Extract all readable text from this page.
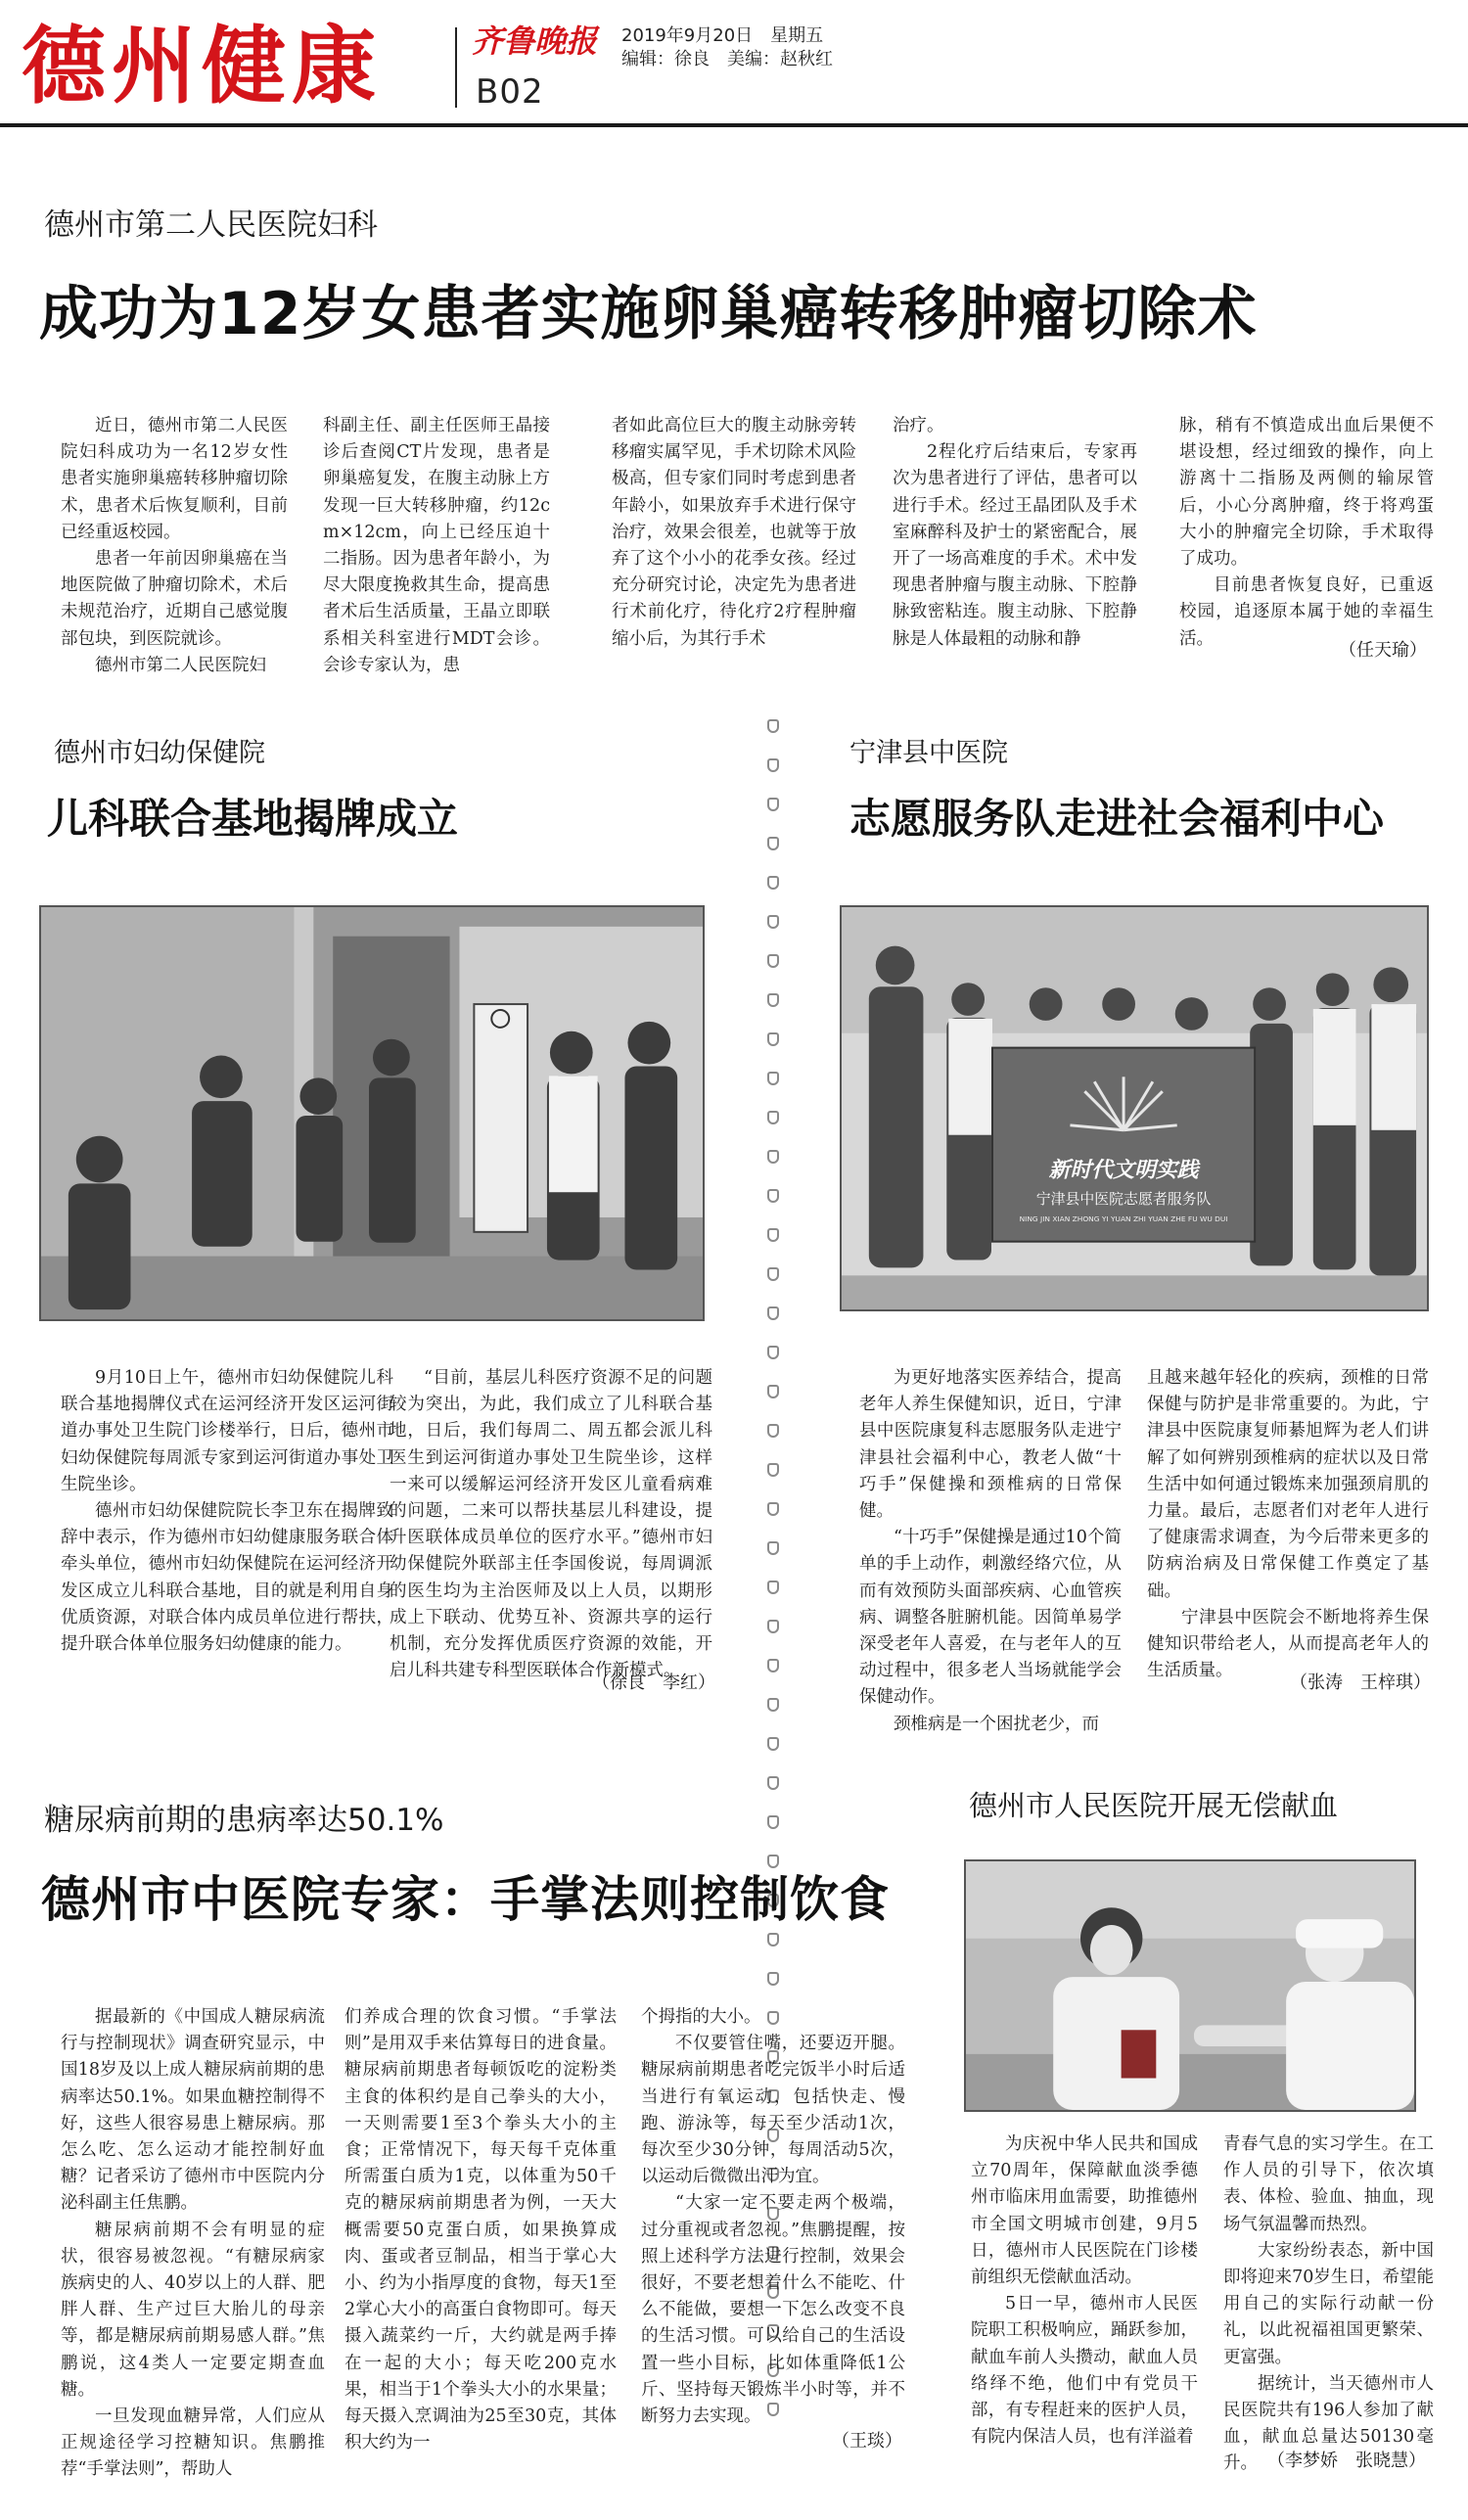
德州健康	齐鲁晚报
B02
2019年9月20日　星期五
编辑：徐良　美编：赵秋红
德州市第二人民医院妇科
成功为12岁女患者实施卵巢癌转移肿瘤切除术

近日，德州市第二人民医院妇科成功为一名12岁女性患者实施卵巢癌转移肿瘤切除术，患者术后恢复顺利，目前已经重返校园。

患者一年前因卵巢癌在当地医院做了肿瘤切除术，术后未规范治疗，近期自己感觉腹部包块，到医院就诊。

德州市第二人民医院妇

科副主任、副主任医师王晶接诊后查阅CT片发现，患者是卵巢癌复发，在腹主动脉上方发现一巨大转移肿瘤，约12cm×12cm，向上已经压迫十二指肠。因为患者年龄小，为尽大限度挽救其生命，提高患者术后生活质量，王晶立即联系相关科室进行MDT会诊。会诊专家认为，患

者如此高位巨大的腹主动脉旁转移瘤实属罕见，手术切除术风险极高，但专家们同时考虑到患者年龄小，如果放弃手术进行保守治疗，效果会很差，也就等于放弃了这个小小的花季女孩。经过充分研究讨论，决定先为患者进行术前化疗，待化疗2疗程肿瘤缩小后，为其行手术

治疗。

2程化疗后结束后，专家再次为患者进行了评估，患者可以进行手术。经过王晶团队及手术室麻醉科及护士的紧密配合，展开了一场高难度的手术。术中发现患者肿瘤与腹主动脉、下腔静脉致密粘连。腹主动脉、下腔静脉是人体最粗的动脉和静

脉，稍有不慎造成出血后果便不堪设想，经过细致的操作，向上游离十二指肠及两侧的输尿管后，小心分离肿瘤，终于将鸡蛋大小的肿瘤完全切除，手术取得了成功。

目前患者恢复良好，已重返校园，追逐原本属于她的幸福生活。

（任天瑜）
德州市妇幼保健院
儿科联合基地揭牌成立

9月10日上午，德州市妇幼保健院儿科联合基地揭牌仪式在运河经济开发区运河街道办事处卫生院门诊楼举行，日后，德州市妇幼保健院每周派专家到运河街道办事处卫生院坐诊。

德州市妇幼保健院院长李卫东在揭牌致辞中表示，作为德州市妇幼健康服务联合体牵头单位，德州市妇幼保健院在运河经济开发区成立儿科联合基地，目的就是利用自身优质资源，对联合体内成员单位进行帮扶，提升联合体单位服务妇幼健康的能力。

“目前，基层儿科医疗资源不足的问题较为突出，为此，我们成立了儿科联合基地，日后，我们每周二、周五都会派儿科医生到运河街道办事处卫生院坐诊，这样一来可以缓解运河经济开发区儿童看病难的问题，二来可以帮扶基层儿科建设，提升医联体成员单位的医疗水平。”德州市妇幼保健院外联部主任李国俊说，每周调派的医生均为主治医师及以上人员，以期形成上下联动、优势互补、资源共享的运行机制，充分发挥优质医疗资源的效能，开启儿科共建专科型医联体合作新模式。

（徐良　李红）
宁津县中医院
志愿服务队走进社会福利中心
新时代文明实践
宁津县中医院志愿者服务队
NING JIN XIAN ZHONG YI YUAN ZHI YUAN ZHE FU WU DUI

为更好地落实医养结合，提高老年人养生保健知识，近日，宁津县中医院康复科志愿服务队走进宁津县社会福利中心，教老人做“十巧手”保健操和颈椎病的日常保健。

“十巧手”保健操是通过10个简单的手上动作，刺激经络穴位，从而有效预防头面部疾病、心血管疾病、调整各脏腑机能。因简单易学深受老年人喜爱，在与老年人的互动过程中，很多老人当场就能学会保健动作。

颈椎病是一个困扰老少，而

且越来越年轻化的疾病，颈椎的日常保健与防护是非常重要的。为此，宁津县中医院康复师綦旭辉为老人们讲解了如何辨别颈椎病的症状以及日常生活中如何通过锻炼来加强颈肩肌的力量。最后，志愿者们对老年人进行了健康需求调查，为今后带来更多的防病治病及日常保健工作奠定了基础。

宁津县中医院会不断地将养生保健知识带给老人，从而提高老年人的生活质量。

（张涛　王梓琪）
糖尿病前期的患病率达50.1%
德州市中医院专家：手掌法则控制饮食

据最新的《中国成人糖尿病流行与控制现状》调查研究显示，中国18岁及以上成人糖尿病前期的患病率达50.1%。如果血糖控制得不好，这些人很容易患上糖尿病。那怎么吃、怎么运动才能控制好血糖？记者采访了德州市中医院内分泌科副主任焦鹏。

糖尿病前期不会有明显的症状，很容易被忽视。“有糖尿病家族病史的人、40岁以上的人群、肥胖人群、生产过巨大胎儿的母亲等，都是糖尿病前期易感人群。”焦鹏说，这4类人一定要定期查血糖。

一旦发现血糖异常，人们应从正规途径学习控糖知识。焦鹏推荐“手掌法则”，帮助人

们养成合理的饮食习惯。“手掌法则”是用双手来估算每日的进食量。糖尿病前期患者每顿饭吃的淀粉类主食的体积约是自己拳头的大小，一天则需要1至3个拳头大小的主食；正常情况下，每天每千克体重所需蛋白质为1克，以体重为50千克的糖尿病前期患者为例，一天大概需要50克蛋白质，如果换算成肉、蛋或者豆制品，相当于掌心大小、约为小指厚度的食物，每天1至2掌心大小的高蛋白食物即可。每天摄入蔬菜约一斤，大约就是两手捧在一起的大小；每天吃200克水果，相当于1个拳头大小的水果量；每天摄入烹调油为25至30克，其体积大约为一

个拇指的大小。

不仅要管住嘴，还要迈开腿。糖尿病前期患者吃完饭半小时后适当进行有氧运动，包括快走、慢跑、游泳等，每天至少活动1次，每次至少30分钟，每周活动5次，以运动后微微出汗为宜。

“大家一定不要走两个极端，过分重视或者忽视。”焦鹏提醒，按照上述科学方法进行控制，效果会很好，不要老想着什么不能吃、什么不能做，要想一下怎么改变不良的生活习惯。可以给自己的生活设置一些小目标，比如体重降低1公斤、坚持每天锻炼半小时等，并不断努力去实现。

（王琰）
德州市人民医院开展无偿献血

为庆祝中华人民共和国成立70周年，保障献血淡季德州市临床用血需要，助推德州市全国文明城市创建，9月5日，德州市人民医院在门诊楼前组织无偿献血活动。

5日一早，德州市人民医院职工积极响应，踊跃参加，献血车前人头攒动，献血人员络绎不绝，他们中有党员干部，有专程赶来的医护人员，有院内保洁人员，也有洋溢着

青春气息的实习学生。在工作人员的引导下，依次填表、体检、验血、抽血，现场气氛温馨而热烈。

大家纷纷表态，新中国即将迎来70岁生日，希望能用自己的实际行动献一份礼，以此祝福祖国更繁荣、更富强。

据统计，当天德州市人民医院共有196人参加了献血，献血总量达50130毫升。 （李梦娇　张晓慧）
